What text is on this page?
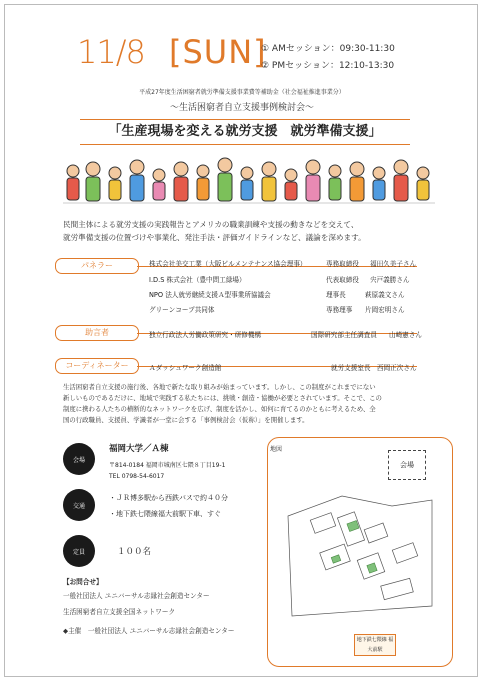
11/8 [SUN]
① AMセッション：09:30-11:30
② PMセッション：12:10-13:30
平成27年度生活困窮者就労準備支援事業費等補助金（社会福祉推進事業分）
〜生活困窮者自立支援事例検討会〜
「生産現場を変える就労支援　就労準備支援」
民間主体による就労支援の実践報告とアメリカの職業訓練や支援の動きなどを交えて、
就労準備支援の位置づけや事業化、発注手法・評価ガイドラインなど、議論を深めます。
パネラー	株式会社美交工業（大阪ビルメンテナンス協会理事）	専務取締役 福田久美子さん
I.D.S 株式会社（豊中問工緑場）	代表取締役 宍戸義勝さん
NPO 法人就労継続支援Ａ型事業所協議会	理事長	萩原義文さん
グリーンコープ共同体	専務理事 片岡宏明さん
助言者	独立行政法人労働政策研究・研修機構	国際研究部主任調査員 山崎憲さん
コーディネーター	Ａダッシュワーク創造館	就労支援室長 西岡正次さん
生活困窮者自立支援の施行後、各地で新たな取り組みが始まっています。しかし、この制度がこれまでにない
新しいものであるだけに、地域で実践する私たちには、挑戦・創造・協働が必要とされています。そこで、この
制度に携わる人たちの横断的なネットワークを広げ、制度を活かし、如何に育てるのかともに考えるため、全
国の行政職員、支援員、学識者が一堂に会する「事例検討会（仮称）」を開催します。
会場
福岡大学／Ａ棟
〒814-0184 福岡市城南区七隈８丁目19-1
TEL 0798-54-6017
交通
・ＪＲ博多駅から西鉄バスで約４０分
・地下鉄七隈線福大前駅下車、すぐ
定員	１００名
【お問合せ】
一般社団法人 ユニバーサル志縁社会創造センター
生活困窮者自立支援全国ネットワーク
◆主催　一般社団法人 ユニバーサル志縁社会創造センター
地図
会場
地下鉄七隈線 福大前駅
